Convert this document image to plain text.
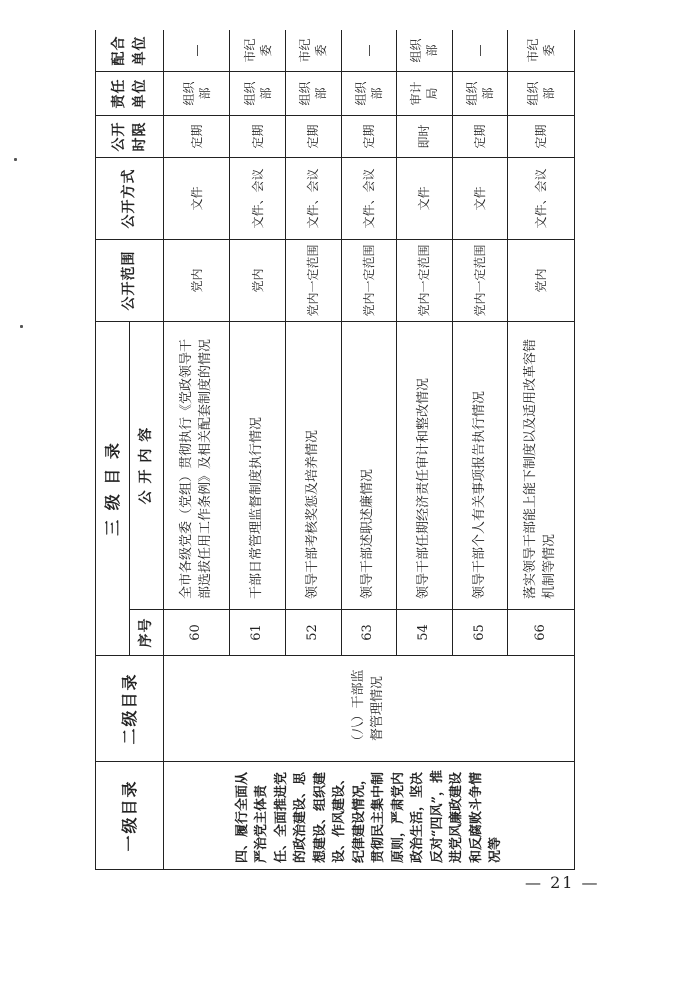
一级目录	二级目录	三 级 目 录		公开范围	公开方式	公开时限	责任单位	配合单位
		序号	公 开 内 容					
四、履行全面从严治党主体责任、全面推进党的政治建设、思想建设、组织建设、作风建设、纪律建设情况，贯彻民主集中制原则，严肃党内政治生活，坚决反对“四风”，推进党风廉政建设和反腐败斗争情况等	（八）干部监督管理情况	60	全市各级党委（党组）贯彻执行《党政领导干部选拔任用工作条例》及相关配套制度的情况	党内	文件	定期	组织部	—
		61	干部日常管理监督制度执行情况	党内	文件、会议	定期	组织部	市纪委
		52	领导干部考核奖惩及培养情况	党内一定范围	文件、会议	定期	组织部	市纪委
		63	领导干部述职述廉情况	党内一定范围	文件、会议	定期	组织部	—
		54	领导干部任期经济责任审计和整改情况	党内一定范围	文件	即时	审计局	组织部
		65	领导干部个人有关事项报告执行情况	党内一定范围	文件	定期	组织部	—
		66	落实领导干部能上能下制度以及适用改革容错机制等情况	党内	文件、会议	定期	组织部	市纪委
— 21 —
